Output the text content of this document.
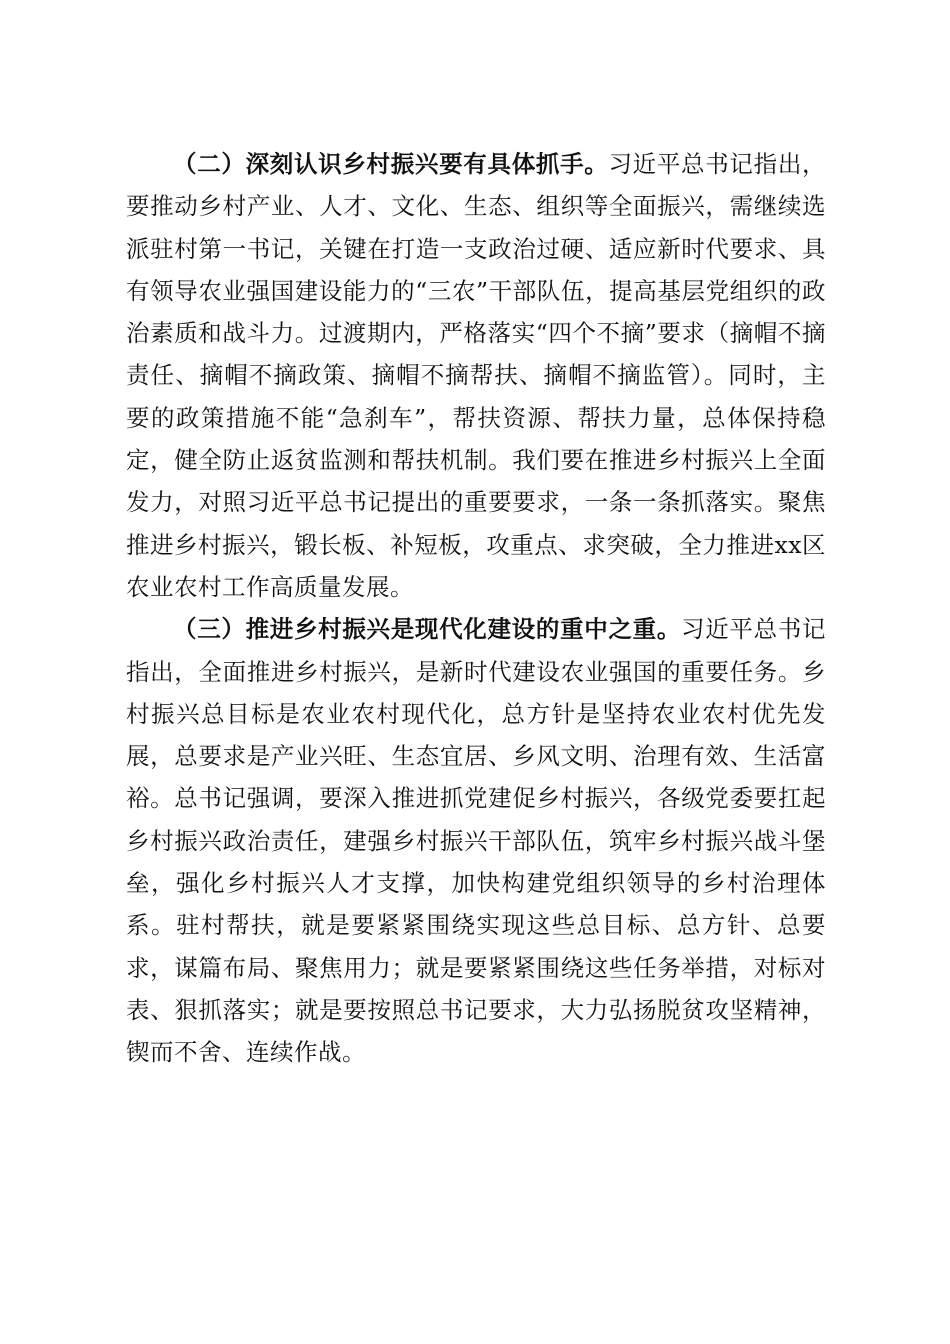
（二）深刻认识乡村振兴要有具体抓手。习近平总书记指出，要推动乡村产业、人才、文化、生态、组织等全面振兴，需继续选派驻村第一书记，关键在打造一支政治过硬、适应新时代要求、具有领导农业强国建设能力的“三农”干部队伍，提高基层党组织的政治素质和战斗力。过渡期内，严格落实“四个不摘”要求（摘帽不摘责任、摘帽不摘政策、摘帽不摘帮扶、摘帽不摘监管）。同时，主要的政策措施不能“急刹车”，帮扶资源、帮扶力量，总体保持稳定，健全防止返贫监测和帮扶机制。我们要在推进乡村振兴上全面发力，对照习近平总书记提出的重要要求，一条一条抓落实。聚焦推进乡村振兴，锻长板、补短板，攻重点、求突破，全力推进xx区农业农村工作高质量发展。

（三）推进乡村振兴是现代化建设的重中之重。习近平总书记指出，全面推进乡村振兴，是新时代建设农业强国的重要任务。乡村振兴总目标是农业农村现代化，总方针是坚持农业农村优先发展，总要求是产业兴旺、生态宜居、乡风文明、治理有效、生活富裕。总书记强调，要深入推进抓党建促乡村振兴，各级党委要扛起乡村振兴政治责任，建强乡村振兴干部队伍，筑牢乡村振兴战斗堡垒，强化乡村振兴人才支撑，加快构建党组织领导的乡村治理体系。驻村帮扶，就是要紧紧围绕实现这些总目标、总方针、总要求，谋篇布局、聚焦用力；就是要紧紧围绕这些任务举措，对标对表、狠抓落实；就是要按照总书记要求，大力弘扬脱贫攻坚精神，锲而不舍、连续作战。
